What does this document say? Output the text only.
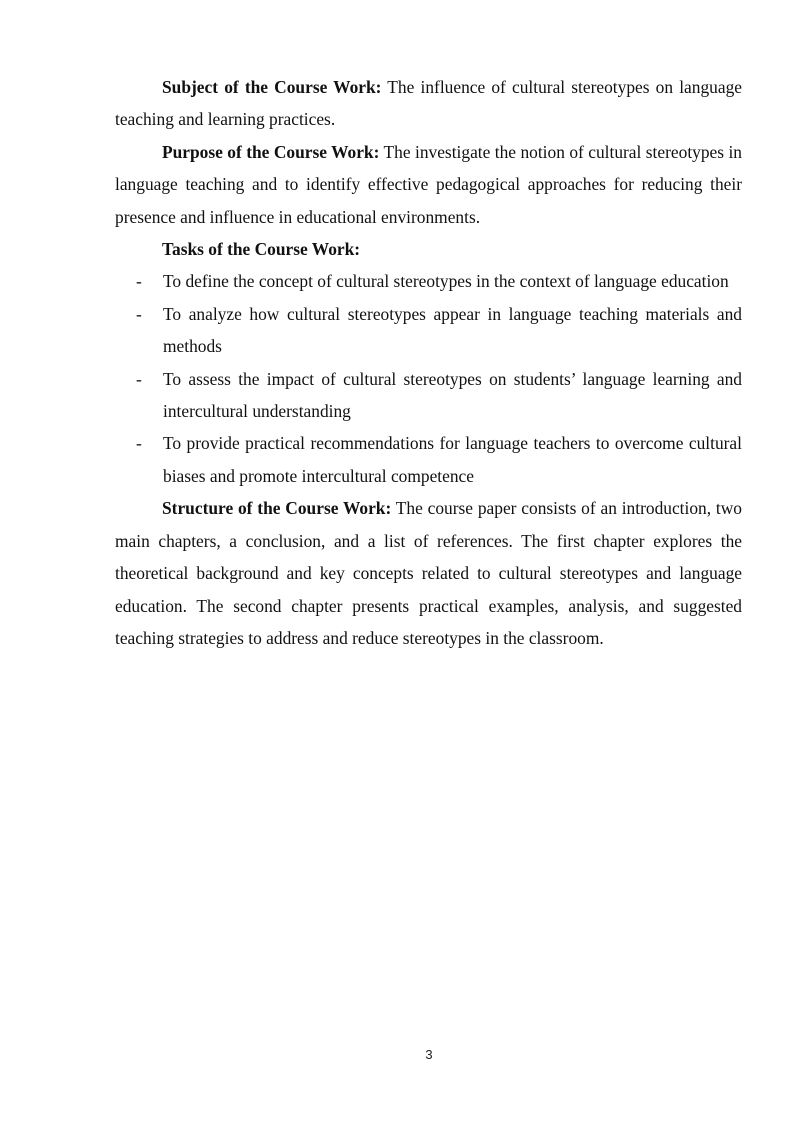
Subject of the Course Work: The influence of cultural stereotypes on language teaching and learning practices.

Purpose of the Course Work: The investigate the notion of cultural stereotypes in language teaching and to identify effective pedagogical approaches for reducing their presence and influence in educational environments.

Tasks of the Course Work:

- To define the concept of cultural stereotypes in the context of language education
- To analyze how cultural stereotypes appear in language teaching materials and methods
- To assess the impact of cultural stereotypes on students’ language learning and intercultural understanding
- To provide practical recommendations for language teachers to overcome cultural biases and promote intercultural competence

Structure of the Course Work: The course paper consists of an introduction, two main chapters, a conclusion, and a list of references. The first chapter explores the theoretical background and key concepts related to cultural stereotypes and language education. The second chapter presents practical examples, analysis, and suggested teaching strategies to address and reduce stereotypes in the classroom.

3
